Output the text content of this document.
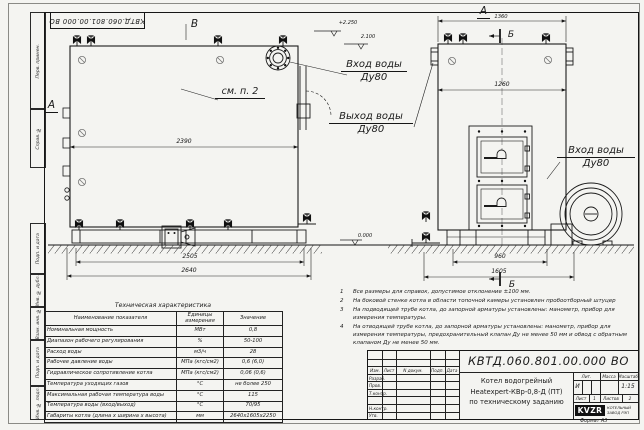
Перв. примен.
Справ. №
Подп. и дата
Инв. № дубл.
Взам. инв. №
Подп. и дата
Инв. № подл.
КВТД.060.801.00.000 ВО
2390
2505
2640
1360
1260
960
1605
Б
Б
+2.250
2.100
0.000
А
В
А
см. п. 2
Вход воды
Ду80
Выход воды
Ду80
Вход воды
Ду80
Техническая характеристика
Наименование показателя	Единицы измерения	Значение
Номинальная мощность	МВт	0,8
Диапазон рабочего регулирования	%	50-100
Расход воды	м3/ч	28
Рабочее давление воды	МПа (кгс/см2)	0,6 (6,0)
Гидравлическое сопротивление котла	МПа (кгс/см2)	0,06 (0,6)
Температура уходящих газов	°С	не более 250
Максимальная рабочая температура воды	°С	115
Температура воды (вход/выход)	°С	70/95
Габариты котла (длина х ширина х высота)	мм	2640х1605х2250
1	Все размеры для справок, допустимое отклонение ±100 мм.
2	На боковой стенке котла в области топочной камеры установлен пробоотборный штуцер
3	На подводящей трубе котла, до запорной арматуры установлены: манометр, прибор для измерения температуры.
4	На отводящей трубе котла, до запорной арматуры установлены: манометр, прибор для измерения температуры, предохранительный клапан Ду не менее 50 мм и обвод с обратным клапаном Ду не менее 50 мм.
КВТД.060.801.00.000 ВО
Изм. Лист	N докум.	Подп. Дата
Разраб.
Пров.
Т.контр.
Н.контр.
Утв.
Котел водогрейный
Heatexpert-КВр-0,8-Д (ПТ)
по техническому заданию
Лит.	Масса Масштаб
И	1:15
Лист	1	Листов	2
KVZR	КОТЕЛЬНЫЙ
ЗАВОД РЭП
Формат А3
